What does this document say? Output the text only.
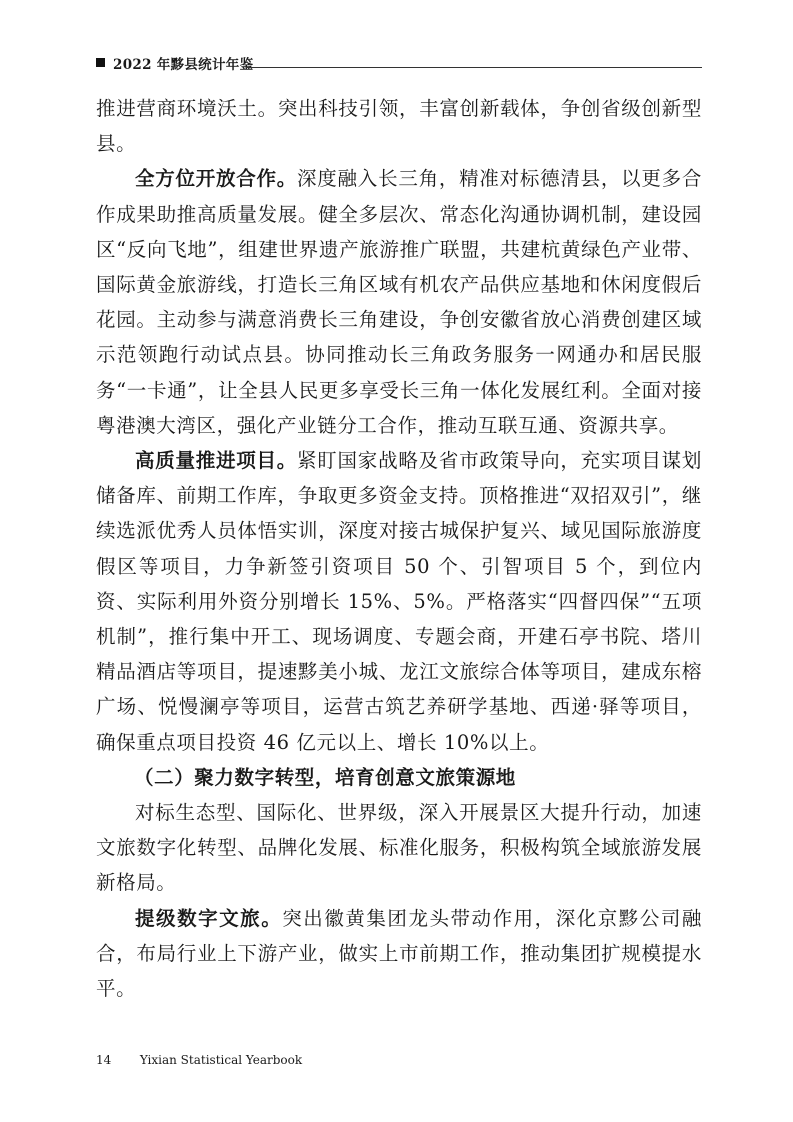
2022 年黟县统计年鉴

推进营商环境沃土。突出科技引领，丰富创新载体，争创省级创新型县。

全方位开放合作。深度融入长三角，精准对标德清县，以更多合作成果助推高质量发展。健全多层次、常态化沟通协调机制，建设园区“反向飞地”，组建世界遗产旅游推广联盟，共建杭黄绿色产业带、国际黄金旅游线，打造长三角区域有机农产品供应基地和休闲度假后花园。主动参与满意消费长三角建设，争创安徽省放心消费创建区域示范领跑行动试点县。协同推动长三角政务服务一网通办和居民服务“一卡通”，让全县人民更多享受长三角一体化发展红利。全面对接粤港澳大湾区，强化产业链分工合作，推动互联互通、资源共享。

高质量推进项目。紧盯国家战略及省市政策导向，充实项目谋划储备库、前期工作库，争取更多资金支持。顶格推进“双招双引”，继续选派优秀人员体悟实训，深度对接古城保护复兴、域见国际旅游度假区等项目，力争新签引资项目 50 个、引智项目 5 个，到位内资、实际利用外资分别增长 15%、5%。严格落实“四督四保”“五项机制”，推行集中开工、现场调度、专题会商，开建石亭书院、塔川精品酒店等项目，提速黟美小城、龙江文旅综合体等项目，建成东榕广场、悦慢澜亭等项目，运营古筑艺养研学基地、西递·驿等项目，确保重点项目投资 46 亿元以上、增长 10%以上。

（二）聚力数字转型，培育创意文旅策源地

对标生态型、国际化、世界级，深入开展景区大提升行动，加速文旅数字化转型、品牌化发展、标准化服务，积极构筑全域旅游发展新格局。

提级数字文旅。突出徽黄集团龙头带动作用，深化京黟公司融合，布局行业上下游产业，做实上市前期工作，推动集团扩规模提水平。

14 Yixian Statistical Yearbook
